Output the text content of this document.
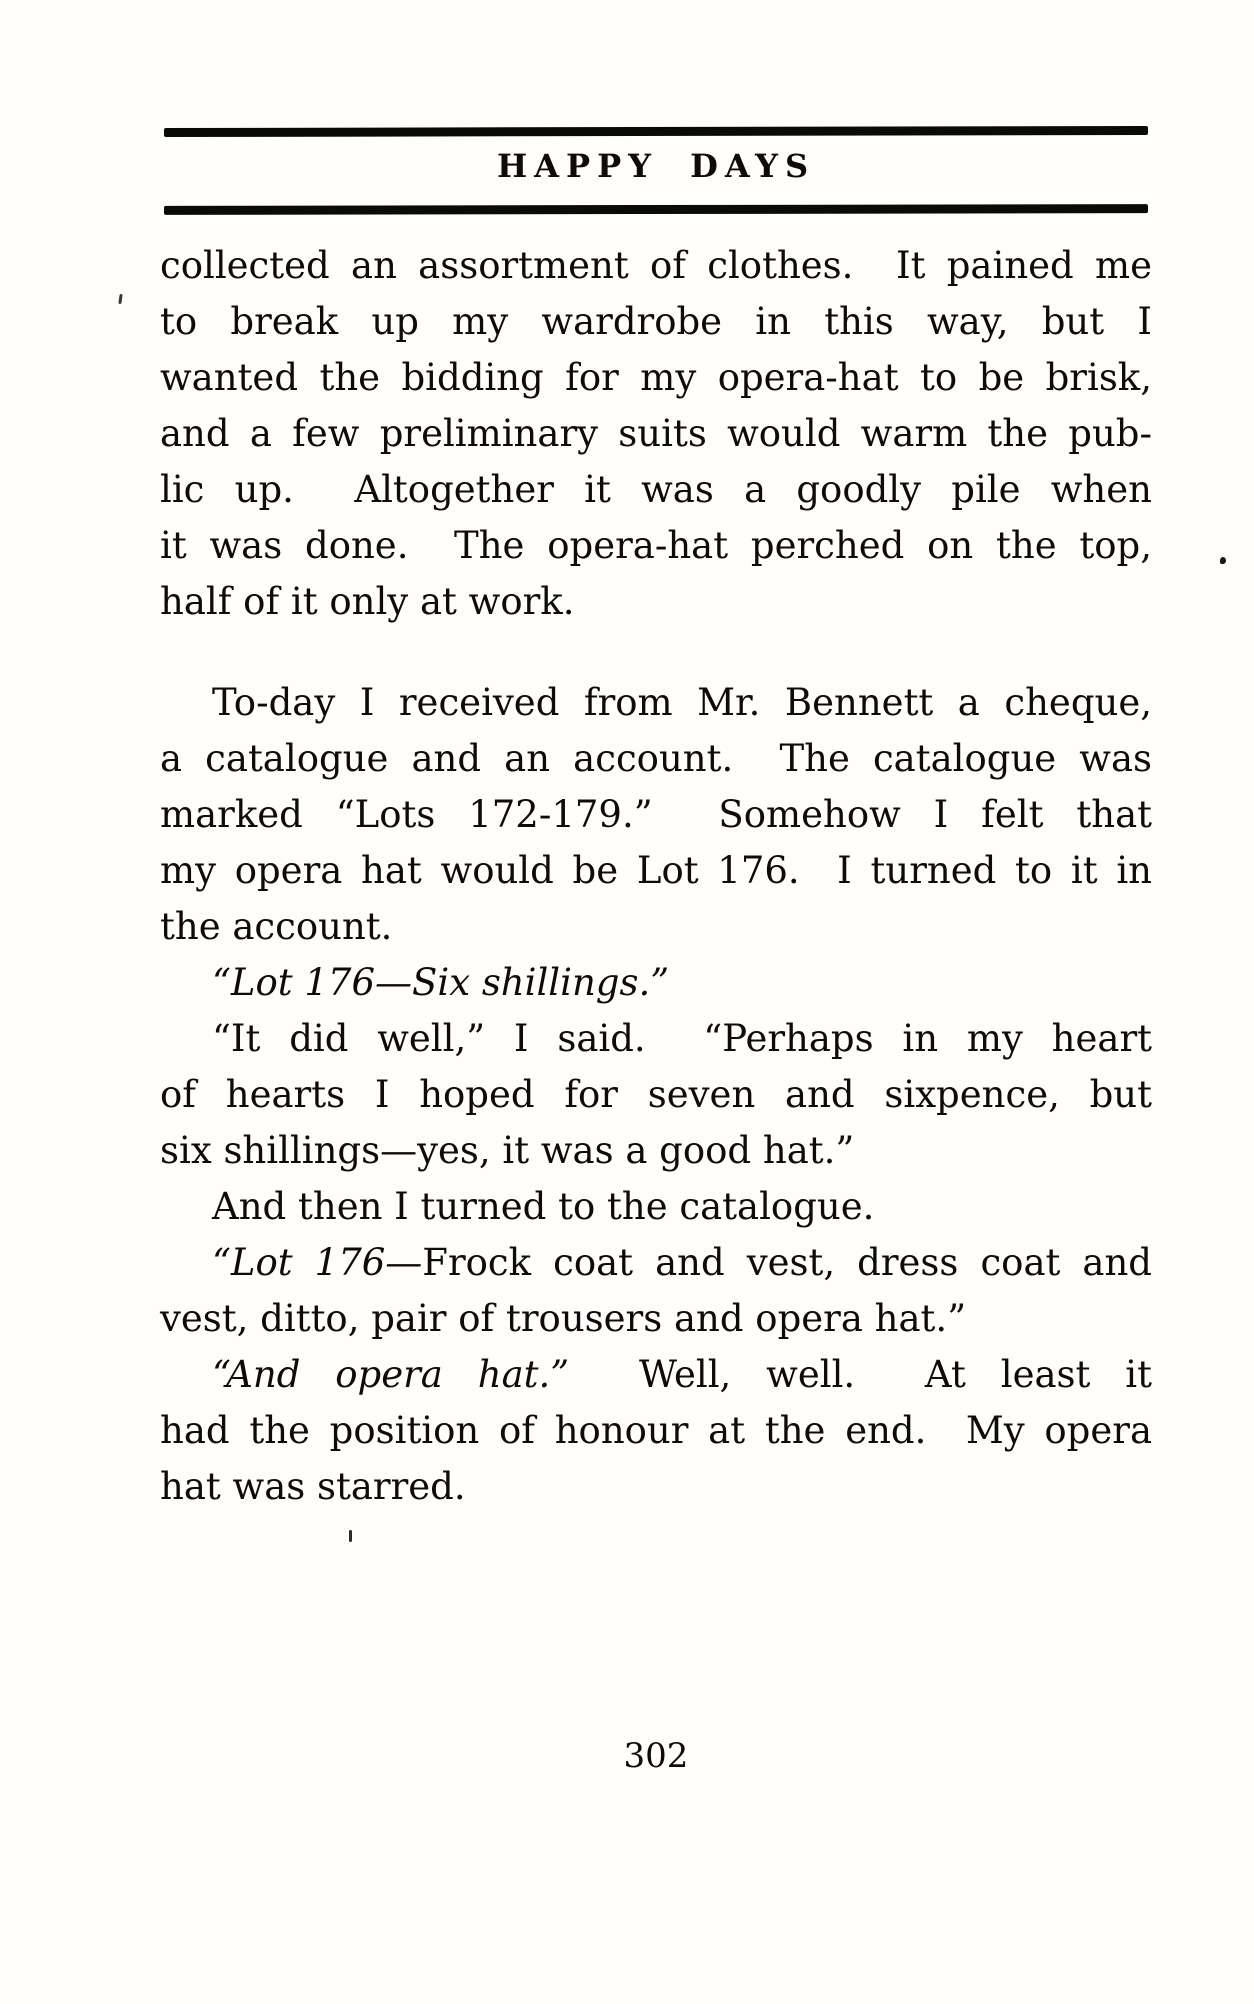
HAPPY DAYS
collected an assortment of clothes.  It pained me
to break up my wardrobe in this way, but I
wanted the bidding for my opera-hat to be brisk,
and a few preliminary suits would warm the pub-
lic up.  Altogether it was a goodly pile when
it was done.  The opera-hat perched on the top,
half of it only at work.
To-day I received from Mr. Bennett a cheque,
a catalogue and an account.  The catalogue was
marked “Lots 172-179.”  Somehow I felt that
my opera hat would be Lot 176.  I turned to it in
the account.
“Lot 176—Six shillings.”
“It did well,” I said.  “Perhaps in my heart
of hearts I hoped for seven and sixpence, but
six shillings—yes, it was a good hat.”
And then I turned to the catalogue.
“Lot 176—Frock coat and vest, dress coat and
vest, ditto, pair of trousers and opera hat.”
“And opera hat.”  Well, well.  At least it
had the position of honour at the end.  My opera
hat was starred.
302
